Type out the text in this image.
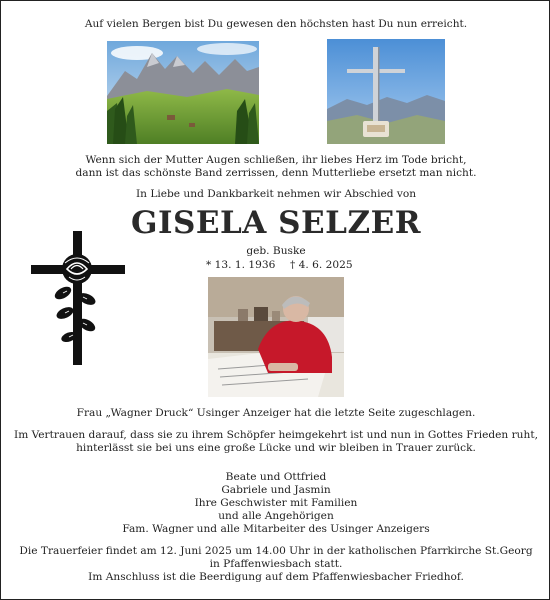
Auf vielen Bergen bist Du gewesen den höchsten hast Du nun erreicht.
Wenn sich der Mutter Augen schließen, ihr liebes Herz im Tode bricht,
dann ist das schönste Band zerrissen, denn Mutterliebe ersetzt man nicht.
In Liebe und Dankbarkeit nehmen wir Abschied von
GISELA SELZER
geb. Buske
* 13. 1. 1936 † 4. 6. 2025
Frau „Wagner Druck“ Usinger Anzeiger hat die letzte Seite zugeschlagen.
Im Vertrauen darauf, dass sie zu ihrem Schöpfer heimgekehrt ist und nun in Gottes Frieden ruht,
hinterlässt sie bei uns eine große Lücke und wir bleiben in Trauer zurück.
Beate und Ottfried
Gabriele und Jasmin
Ihre Geschwister mit Familien
und alle Angehörigen
Fam. Wagner und alle Mitarbeiter des Usinger Anzeigers
Die Trauerfeier findet am 12. Juni 2025 um 14.00 Uhr in der katholischen Pfarrkirche St.Georg
in Pfaffenwiesbach statt.
Im Anschluss ist die Beerdigung auf dem Pfaffenwiesbacher Friedhof.
